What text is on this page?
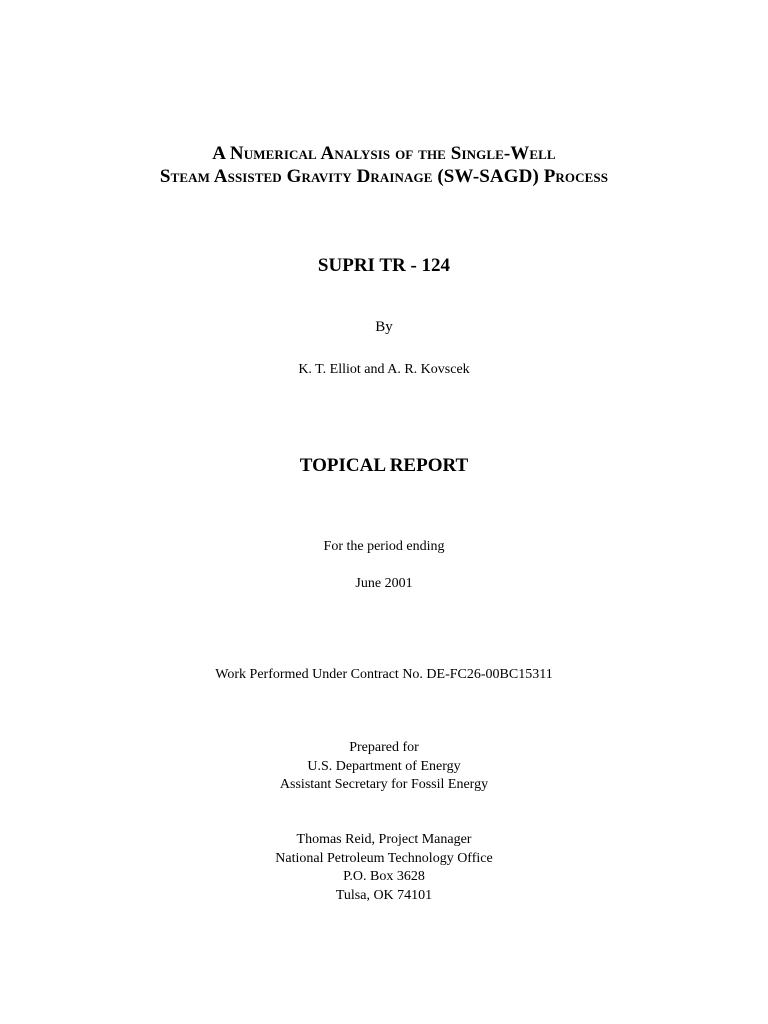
A Numerical Analysis of the Single-Well
Steam Assisted Gravity Drainage (SW-SAGD) Process
SUPRI TR - 124
By
K. T. Elliot and A. R. Kovscek
TOPICAL REPORT
For the period ending
June 2001
Work Performed Under Contract No. DE-FC26-00BC15311
Prepared for
U.S. Department of Energy
Assistant Secretary for Fossil Energy
Thomas Reid, Project Manager
National Petroleum Technology Office
P.O. Box 3628
Tulsa, OK 74101
